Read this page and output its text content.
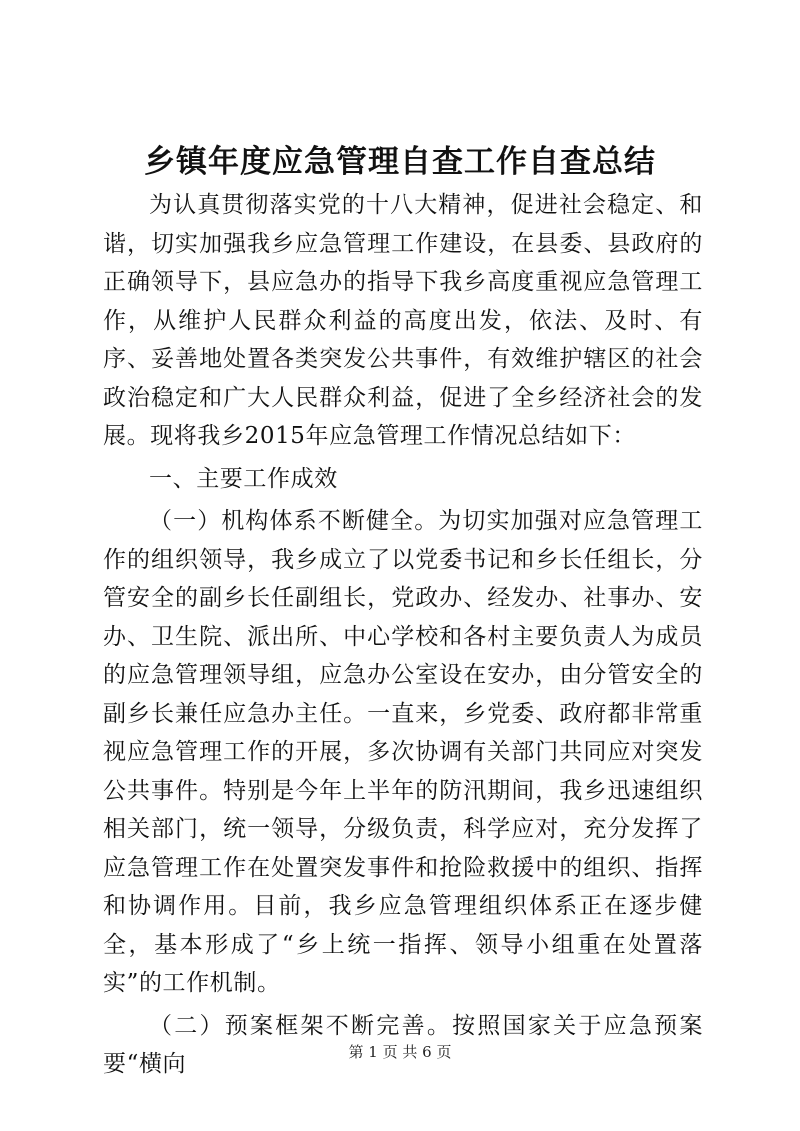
乡镇年度应急管理自查工作自查总结

为认真贯彻落实党的十八大精神，促进社会稳定、和谐，切实加强我乡应急管理工作建设，在县委、县政府的正确领导下，县应急办的指导下我乡高度重视应急管理工作，从维护人民群众利益的高度出发，依法、及时、有序、妥善地处置各类突发公共事件，有效维护辖区的社会政治稳定和广大人民群众利益，促进了全乡经济社会的发展。现将我乡2015年应急管理工作情况总结如下：

一、主要工作成效

（一）机构体系不断健全。为切实加强对应急管理工作的组织领导，我乡成立了以党委书记和乡长任组长，分管安全的副乡长任副组长，党政办、经发办、社事办、安办、卫生院、派出所、中心学校和各村主要负责人为成员的应急管理领导组，应急办公室设在安办，由分管安全的副乡长兼任应急办主任。一直来，乡党委、政府都非常重视应急管理工作的开展，多次协调有关部门共同应对突发公共事件。特别是今年上半年的防汛期间，我乡迅速组织相关部门，统一领导，分级负责，科学应对，充分发挥了应急管理工作在处置突发事件和抢险救援中的组织、指挥和协调作用。目前，我乡应急管理组织体系正在逐步健全，基本形成了“乡上统一指挥、领导小组重在处置落实”的工作机制。

（二）预案框架不断完善。按照国家关于应急预案要“横向	第 1 页 共 6 页
